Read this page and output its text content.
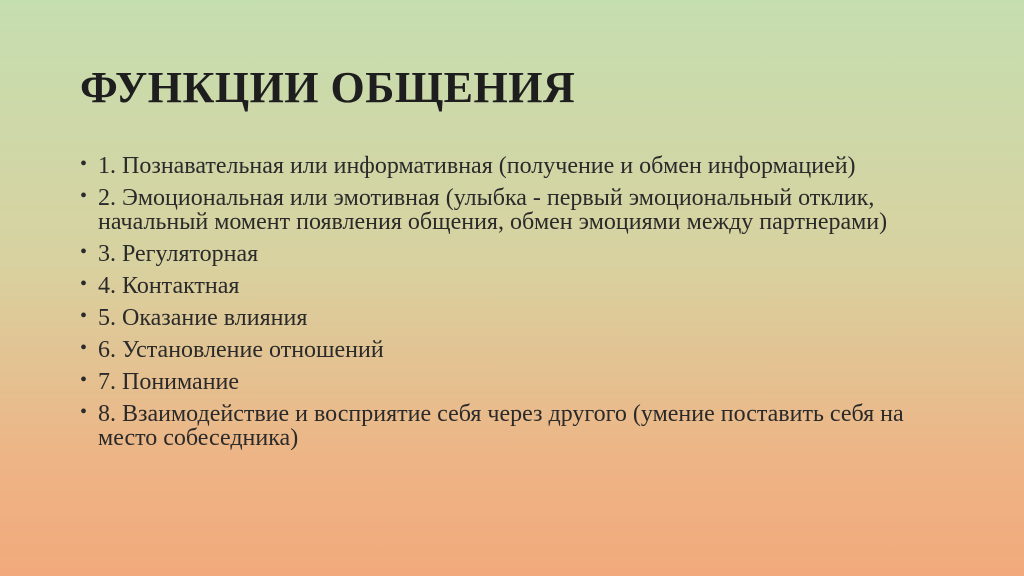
ФУНКЦИИ ОБЩЕНИЯ
• 1. Познавательная или информативная (получение и обмен информацией)
• 2. Эмоциональная или эмотивная (улыбка - первый эмоциональный отклик, начальный момент появления общения, обмен эмоциями между партнерами)
• 3. Регуляторная
• 4. Контактная
• 5. Оказание влияния
• 6. Установление отношений
• 7. Понимание
• 8. Взаимодействие и восприятие себя через другого (умение поставить себя на место собеседника)
